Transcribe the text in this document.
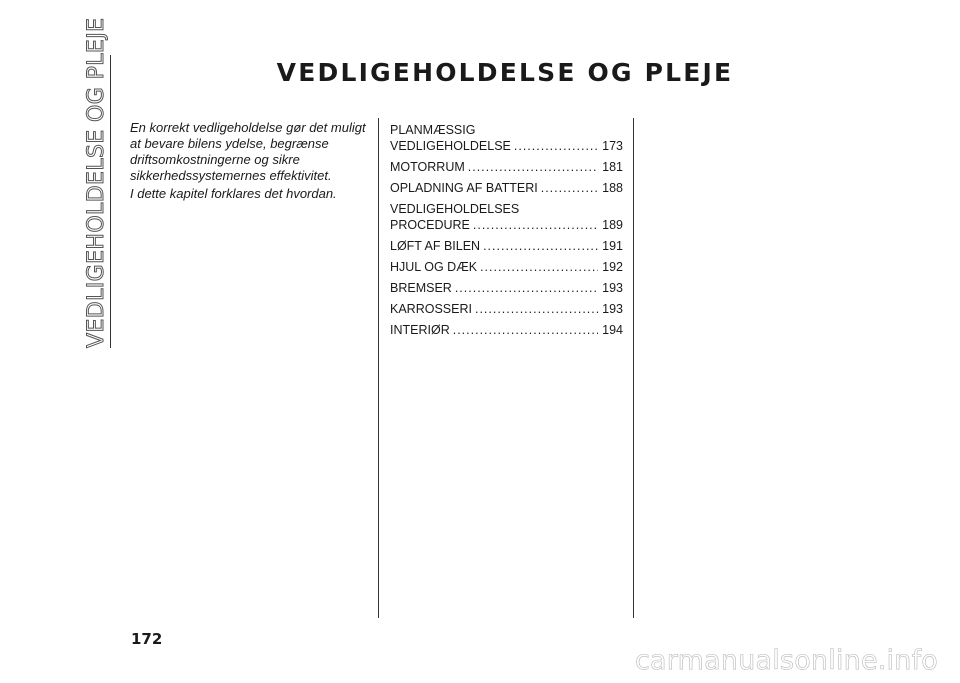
VEDLIGEHOLDELSE OG PLEJE	VEDLIGEHOLDELSE OG PLEJE

En korrekt vedligeholdelse gør det muligt at bevare bilens ydelse, begrænse driftsomkostningerne og sikre sikkerhedssystemernes effektivitet.

I dette kapitel forklares det hvordan.

PLANMÆSSIG
VEDLIGEHOLDELSE .....	173
MOTORRUM .....	181
OPLADNING AF BATTERI .....	188
VEDLIGEHOLDELSES
PROCEDURE .....	189
LØFT AF BILEN .....	191
HJUL OG DÆK .....	192
BREMSER .....	193
KARROSSERI .....	193
INTERIØR .....	194
172
carmanualsonline.info
